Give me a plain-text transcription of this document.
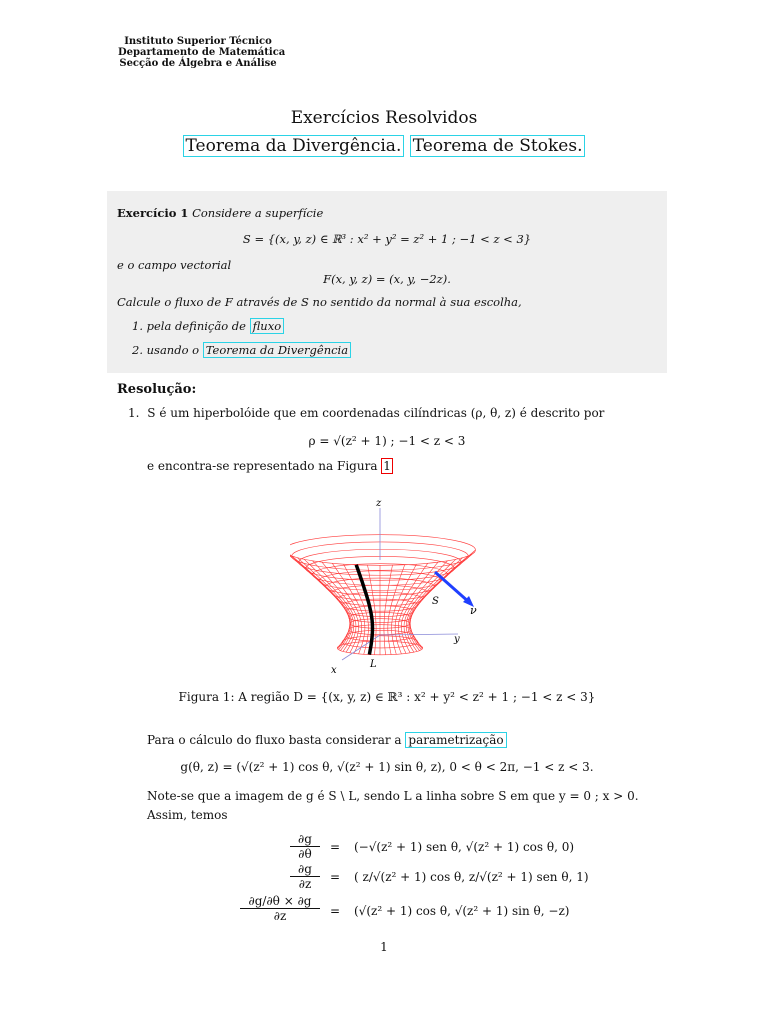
Instituto Superior Técnico
Departamento de Matemática
Secção de Álgebra e Análise
Exercícios Resolvidos
Teorema da Divergência. Teorema de Stokes.
Exercício 1 Considere a superfície
S = {(x, y, z) ∈ ℝ³ : x² + y² = z² + 1 ; −1 < z < 3}
e o campo vectorial
F(x, y, z) = (x, y, −2z).
Calcule o fluxo de F através de S no sentido da normal à sua escolha,
1. pela definição de fluxo
2. usando o Teorema da Divergência
Resolução:
1. S é um hiperbolóide que em coordenadas cilíndricas (ρ, θ, z) é descrito por
ρ = √(z² + 1) ; −1 < z < 3
e encontra-se representado na Figura 1
z
y
x
S
ν
L
Figura 1: A região D = {(x, y, z) ∈ ℝ³ : x² + y² < z² + 1 ; −1 < z < 3}
Para o cálculo do fluxo basta considerar a parametrização
g(θ, z) = (√(z² + 1) cos θ, √(z² + 1) sin θ, z), 0 < θ < 2π, −1 < z < 3.
Note-se que a imagem de g é S \ L, sendo L a linha sobre S em que y = 0 ; x > 0.
Assim, temos
∂g
∂θ	= (−√(z² + 1) sen θ, √(z² + 1) cos θ, 0)
∂g
∂z	= ( z/√(z² + 1) cos θ, z/√(z² + 1) sen θ, 1)
∂g/∂θ × ∂g
∂z	= (√(z² + 1) cos θ, √(z² + 1) sin θ, −z)
1
